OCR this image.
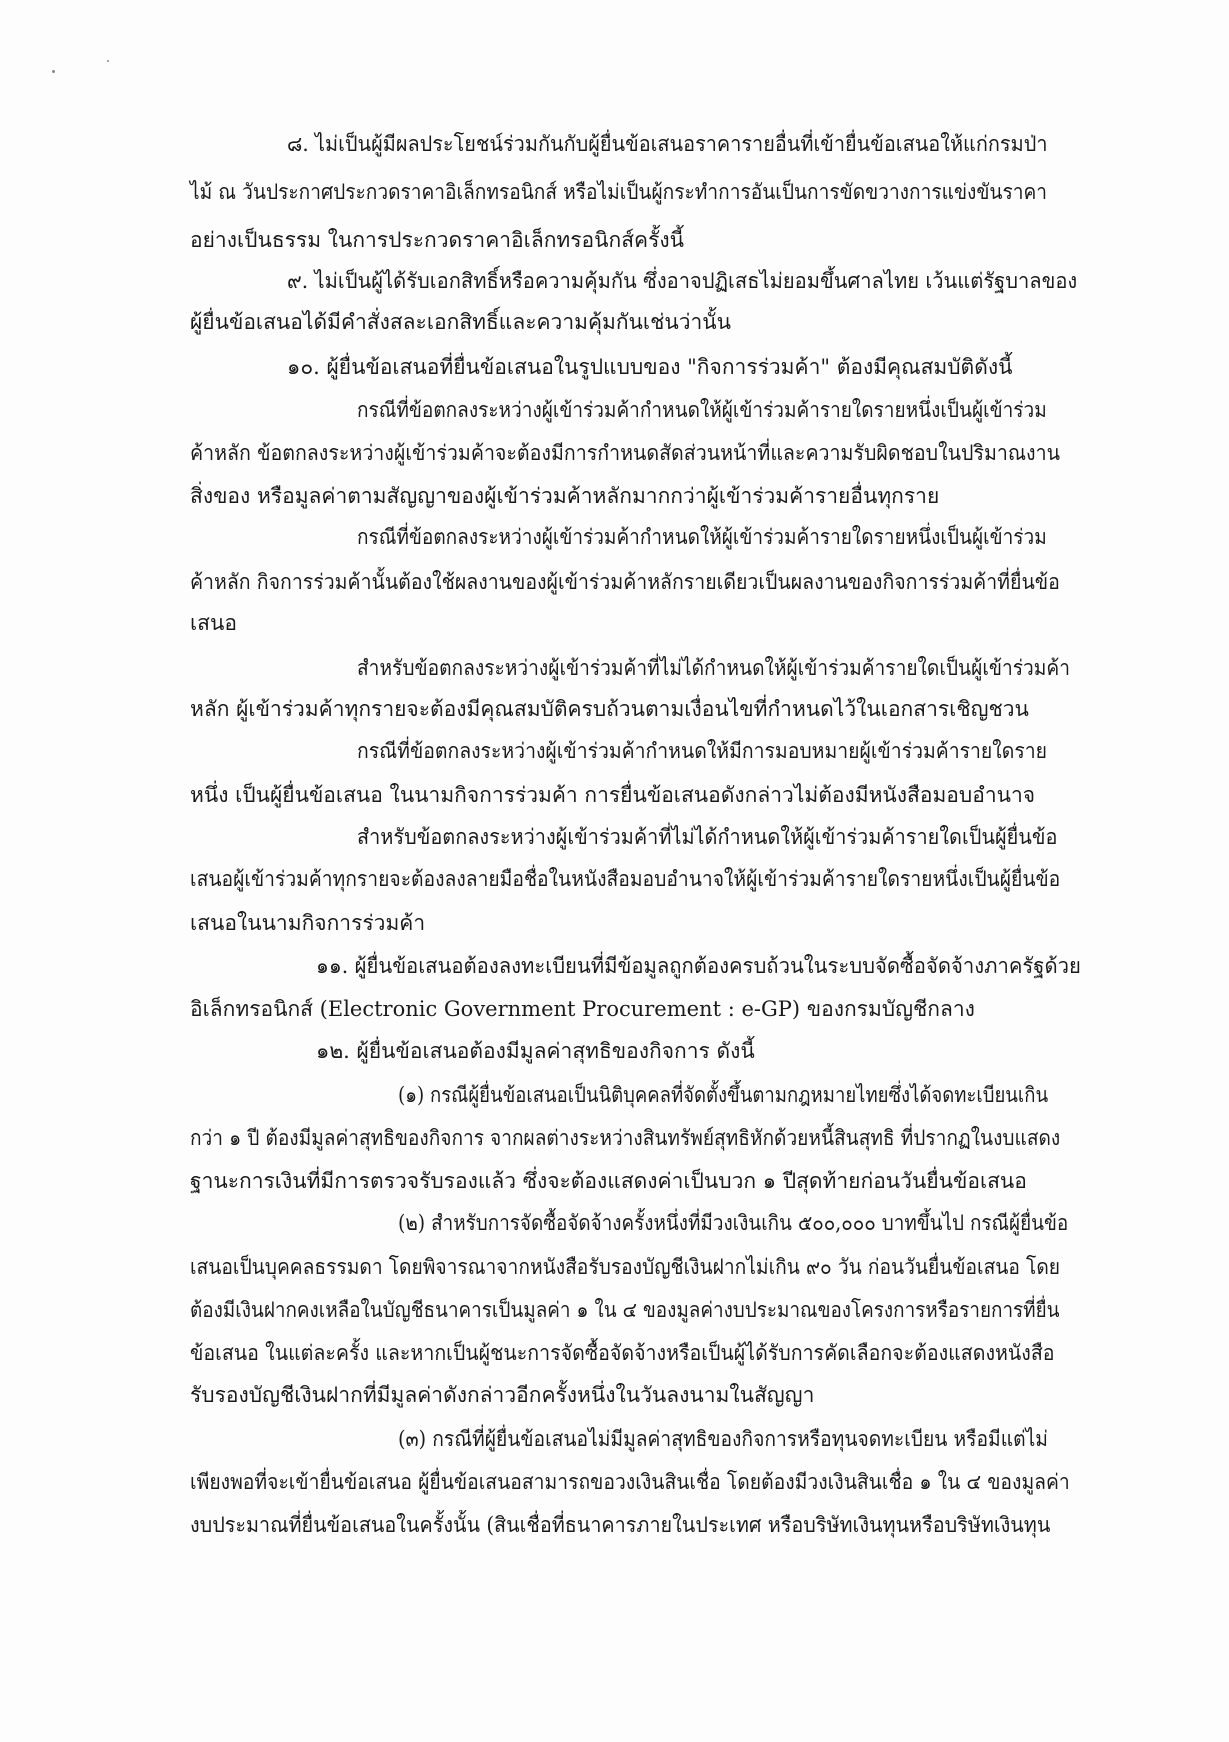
๘. ไม่เป็นผู้มีผลประโยชน์ร่วมกันกับผู้ยื่นข้อเสนอราคารายอื่นที่เข้ายื่นข้อเสนอให้แก่กรมป่า
ไม้ ณ วันประกาศประกวดราคาอิเล็กทรอนิกส์ หรือไม่เป็นผู้กระทำการอันเป็นการขัดขวางการแข่งขันราคา
อย่างเป็นธรรม ในการประกวดราคาอิเล็กทรอนิกส์ครั้งนี้
๙. ไม่เป็นผู้ได้รับเอกสิทธิ์หรือความคุ้มกัน ซึ่งอาจปฏิเสธไม่ยอมขึ้นศาลไทย เว้นแต่รัฐบาลของ
ผู้ยื่นข้อเสนอได้มีคำสั่งสละเอกสิทธิ์และความคุ้มกันเช่นว่านั้น
๑๐. ผู้ยื่นข้อเสนอที่ยื่นข้อเสนอในรูปแบบของ "กิจการร่วมค้า" ต้องมีคุณสมบัติดังนี้
กรณีที่ข้อตกลงระหว่างผู้เข้าร่วมค้ากำหนดให้ผู้เข้าร่วมค้ารายใดรายหนึ่งเป็นผู้เข้าร่วม
ค้าหลัก ข้อตกลงระหว่างผู้เข้าร่วมค้าจะต้องมีการกำหนดสัดส่วนหน้าที่และความรับผิดชอบในปริมาณงาน
สิ่งของ หรือมูลค่าตามสัญญาของผู้เข้าร่วมค้าหลักมากกว่าผู้เข้าร่วมค้ารายอื่นทุกราย
กรณีที่ข้อตกลงระหว่างผู้เข้าร่วมค้ากำหนดให้ผู้เข้าร่วมค้ารายใดรายหนึ่งเป็นผู้เข้าร่วม
ค้าหลัก กิจการร่วมค้านั้นต้องใช้ผลงานของผู้เข้าร่วมค้าหลักรายเดียวเป็นผลงานของกิจการร่วมค้าที่ยื่นข้อ
เสนอ
สำหรับข้อตกลงระหว่างผู้เข้าร่วมค้าที่ไม่ได้กำหนดให้ผู้เข้าร่วมค้ารายใดเป็นผู้เข้าร่วมค้า
หลัก ผู้เข้าร่วมค้าทุกรายจะต้องมีคุณสมบัติครบถ้วนตามเงื่อนไขที่กำหนดไว้ในเอกสารเชิญชวน
กรณีที่ข้อตกลงระหว่างผู้เข้าร่วมค้ากำหนดให้มีการมอบหมายผู้เข้าร่วมค้ารายใดราย
หนึ่ง เป็นผู้ยื่นข้อเสนอ ในนามกิจการร่วมค้า การยื่นข้อเสนอดังกล่าวไม่ต้องมีหนังสือมอบอำนาจ
สำหรับข้อตกลงระหว่างผู้เข้าร่วมค้าที่ไม่ได้กำหนดให้ผู้เข้าร่วมค้ารายใดเป็นผู้ยื่นข้อ
เสนอผู้เข้าร่วมค้าทุกรายจะต้องลงลายมือชื่อในหนังสือมอบอำนาจให้ผู้เข้าร่วมค้ารายใดรายหนึ่งเป็นผู้ยื่นข้อ
เสนอในนามกิจการร่วมค้า
๑๑. ผู้ยื่นข้อเสนอต้องลงทะเบียนที่มีข้อมูลถูกต้องครบถ้วนในระบบจัดซื้อจัดจ้างภาครัฐด้วย
อิเล็กทรอนิกส์ (Electronic Government Procurement : e-GP) ของกรมบัญชีกลาง
๑๒. ผู้ยื่นข้อเสนอต้องมีมูลค่าสุทธิของกิจการ ดังนี้
(๑) กรณีผู้ยื่นข้อเสนอเป็นนิติบุคคลที่จัดตั้งขึ้นตามกฎหมายไทยซึ่งได้จดทะเบียนเกิน
กว่า ๑ ปี ต้องมีมูลค่าสุทธิของกิจการ จากผลต่างระหว่างสินทรัพย์สุทธิหักด้วยหนี้สินสุทธิ ที่ปรากฏในงบแสดง
ฐานะการเงินที่มีการตรวจรับรองแล้ว ซึ่งจะต้องแสดงค่าเป็นบวก ๑ ปีสุดท้ายก่อนวันยื่นข้อเสนอ
(๒) สำหรับการจัดซื้อจัดจ้างครั้งหนึ่งที่มีวงเงินเกิน ๕๐๐,๐๐๐ บาทขึ้นไป กรณีผู้ยื่นข้อ
เสนอเป็นบุคคลธรรมดา โดยพิจารณาจากหนังสือรับรองบัญชีเงินฝากไม่เกิน ๙๐ วัน ก่อนวันยื่นข้อเสนอ โดย
ต้องมีเงินฝากคงเหลือในบัญชีธนาคารเป็นมูลค่า ๑ ใน ๔ ของมูลค่างบประมาณของโครงการหรือรายการที่ยื่น
ข้อเสนอ ในแต่ละครั้ง และหากเป็นผู้ชนะการจัดซื้อจัดจ้างหรือเป็นผู้ได้รับการคัดเลือกจะต้องแสดงหนังสือ
รับรองบัญชีเงินฝากที่มีมูลค่าดังกล่าวอีกครั้งหนึ่งในวันลงนามในสัญญา
(๓) กรณีที่ผู้ยื่นข้อเสนอไม่มีมูลค่าสุทธิของกิจการหรือทุนจดทะเบียน หรือมีแต่ไม่
เพียงพอที่จะเข้ายื่นข้อเสนอ ผู้ยื่นข้อเสนอสามารถขอวงเงินสินเชื่อ โดยต้องมีวงเงินสินเชื่อ ๑ ใน ๔ ของมูลค่า
งบประมาณที่ยื่นข้อเสนอในครั้งนั้น (สินเชื่อที่ธนาคารภายในประเทศ หรือบริษัทเงินทุนหรือบริษัทเงินทุน
